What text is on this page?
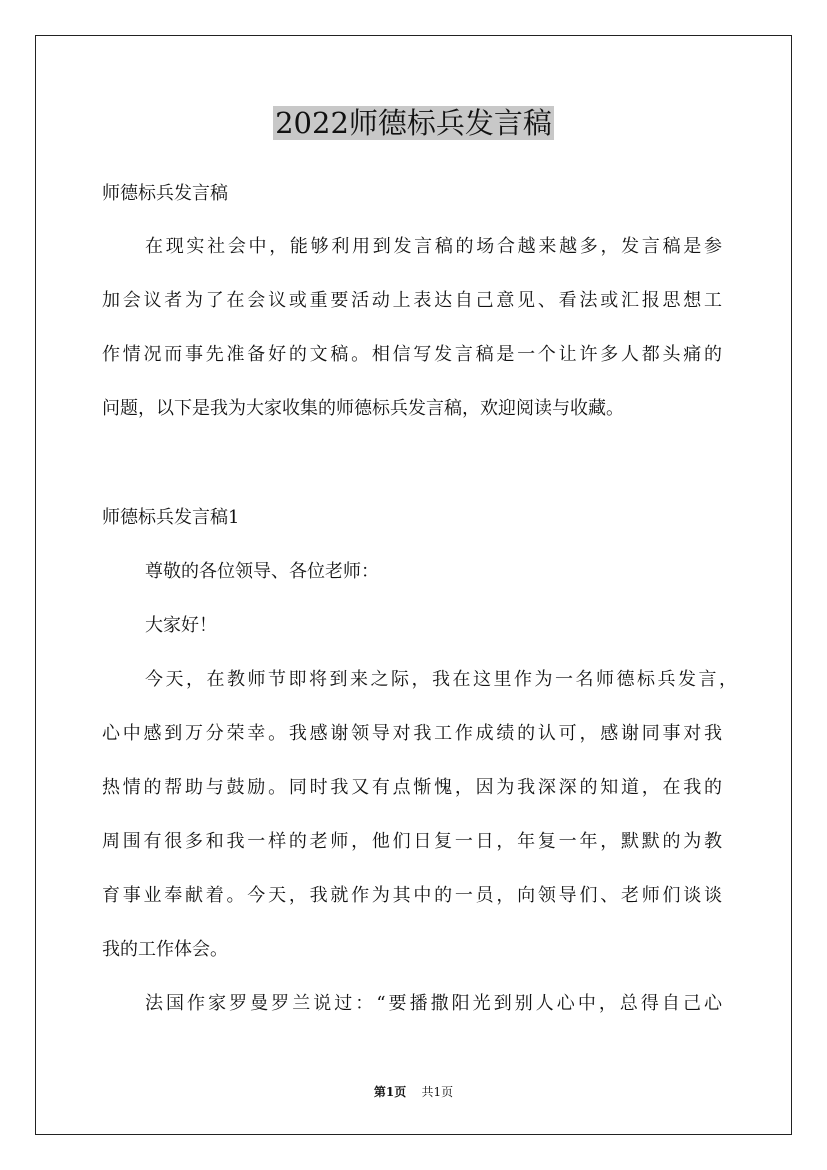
2022师德标兵发言稿
师德标兵发言稿
在现实社会中，能够利用到发言稿的场合越来越多，发言稿是参
加会议者为了在会议或重要活动上表达自己意见、看法或汇报思想工
作情况而事先准备好的文稿。相信写发言稿是一个让许多人都头痛的
问题，以下是我为大家收集的师德标兵发言稿，欢迎阅读与收藏。
师德标兵发言稿1
尊敬的各位领导、各位老师：
大家好！
今天，在教师节即将到来之际，我在这里作为一名师德标兵发言，
心中感到万分荣幸。我感谢领导对我工作成绩的认可，感谢同事对我
热情的帮助与鼓励。同时我又有点惭愧，因为我深深的知道，在我的
周围有很多和我一样的老师，他们日复一日，年复一年，默默的为教
育事业奉献着。今天，我就作为其中的一员，向领导们、老师们谈谈
我的工作体会。
法国作家罗曼罗兰说过：“要播撒阳光到别人心中，总得自己心
第1页 共1页
